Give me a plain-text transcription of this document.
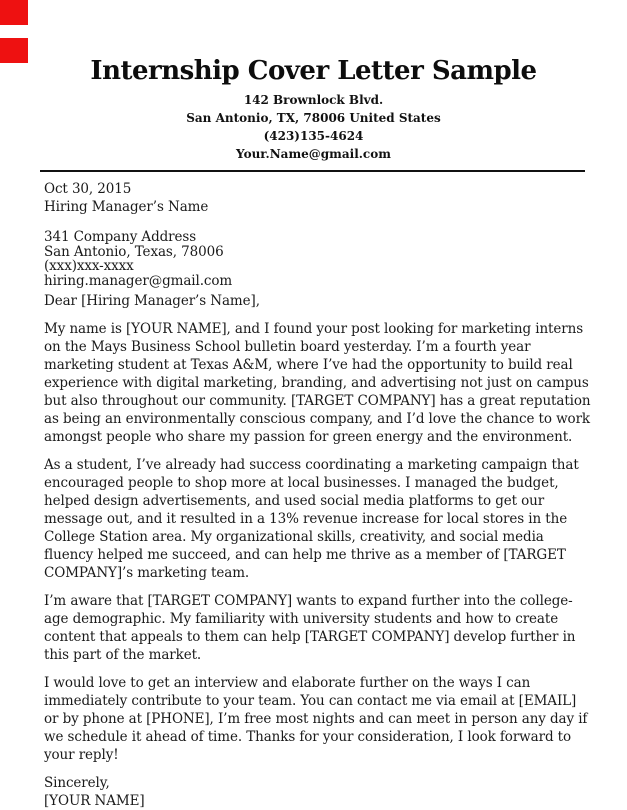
Internship Cover Letter Sample
142 Brownlock Blvd.
San Antonio, TX, 78006 United States
(423)135-4624
Your.Name@gmail.com
Oct 30, 2015
Hiring Manager’s Name
341 Company Address
San Antonio, Texas, 78006
(xxx)xxx-xxxx
hiring.manager@gmail.com
Dear [Hiring Manager’s Name],
My name is [YOUR NAME], and I found your post looking for marketing interns on the Mays Business School bulletin board yesterday. I’m a fourth year marketing student at Texas A&M, where I’ve had the opportunity to build real experience with digital marketing, branding, and advertising not just on campus but also throughout our community. [TARGET COMPANY] has a great reputation as being an environmentally conscious company, and I’d love the chance to work amongst people who share my passion for green energy and the environment.
As a student, I’ve already had success coordinating a marketing campaign that encouraged people to shop more at local businesses. I managed the budget, helped design advertisements, and used social media platforms to get our message out, and it resulted in a 13% revenue increase for local stores in the College Station area. My organizational skills, creativity, and social media fluency helped me succeed, and can help me thrive as a member of [TARGET COMPANY]’s marketing team.
I’m aware that [TARGET COMPANY] wants to expand further into the college-age demographic. My familiarity with university students and how to create content that appeals to them can help [TARGET COMPANY] develop further in this part of the market.
I would love to get an interview and elaborate further on the ways I can immediately contribute to your team. You can contact me via email at [EMAIL] or by phone at [PHONE], I’m free most nights and can meet in person any day if we schedule it ahead of time. Thanks for your consideration, I look forward to your reply!
Sincerely,
[YOUR NAME]
